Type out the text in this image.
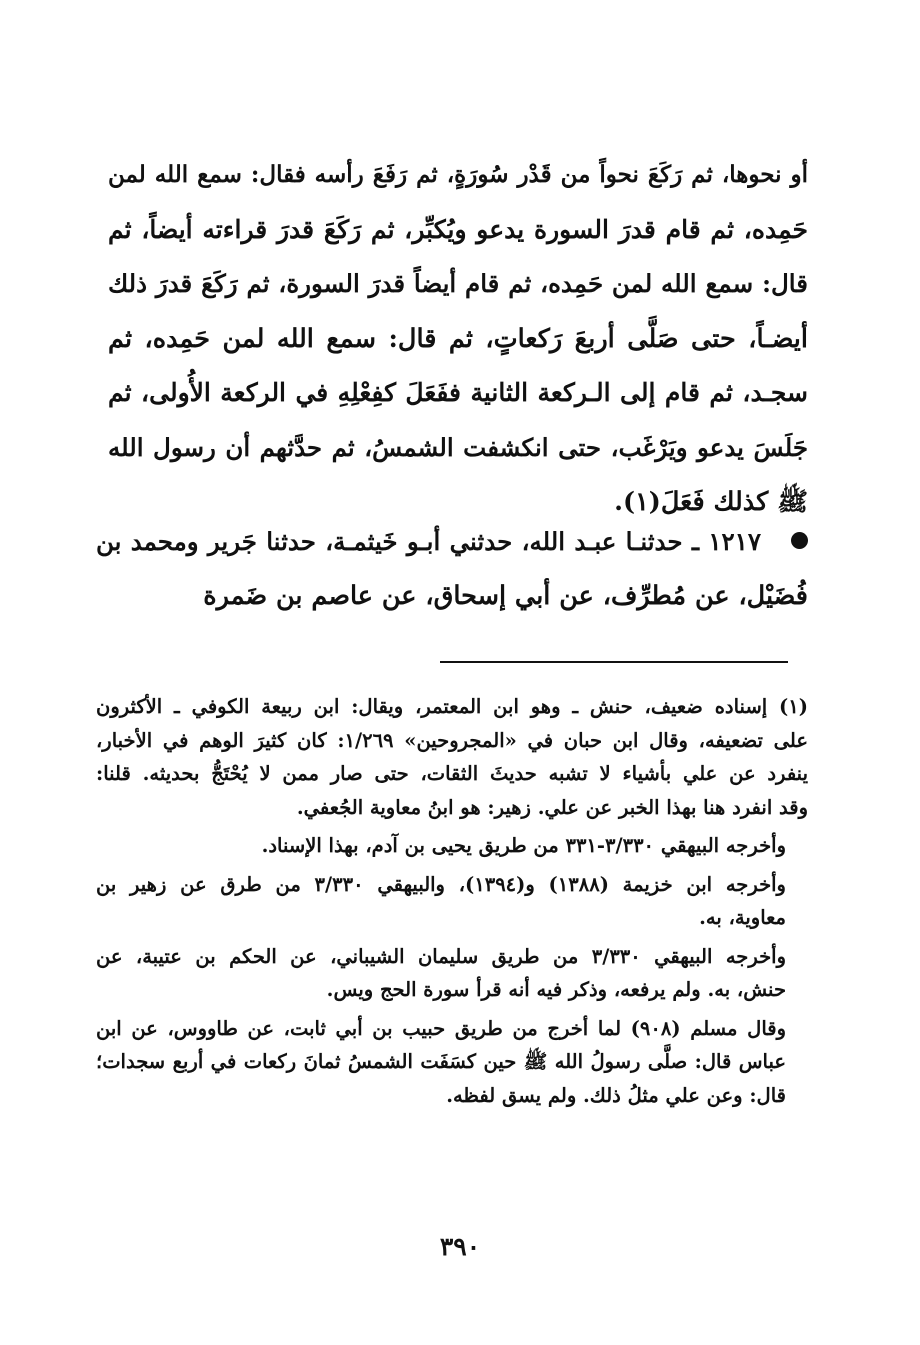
أو نحوها، ثم رَكَعَ نحواً من قَدْر سُورَةٍ، ثم رَفَعَ رأسه فقال: سمع الله لمن
حَمِده، ثم قام قدرَ السورة يدعو ويُكبِّر، ثم رَكَعَ قدرَ قراءته أيضاً، ثم
قال: سمع الله لمن حَمِده، ثم قام أيضاً قدرَ السورة، ثم رَكَعَ قدرَ ذلك
أيضـاً، حتى صَلَّى أربعَ رَكعاتٍ، ثم قال: سمع الله لمن حَمِده، ثم
سجـد، ثم قام إلى الـركعة الثانية ففَعَلَ كفِعْلِهِ في الركعة الأُولى، ثم
جَلَسَ يدعو ويَرْغَب، حتى انكشفت الشمسُ، ثم حدَّثهم أن رسول الله
ﷺ كذلك فَعَلَ(١).
١٢١٧ ـ حدثنـا عبـد الله، حدثني أبـو خَيثمـة، حدثنا جَرير ومحمد بن
فُضَيْل، عن مُطرِّف، عن أبي إسحاق، عن عاصم بن ضَمرة
(١) إسناده ضعيف، حنش ـ وهو ابن المعتمر، ويقال: ابن ربيعة الكوفي ـ الأكثرون
على تضعيفه، وقال ابن حبان في «المجروحين» ١/٢٦٩: كان كثيرَ الوهم في الأخبار،
ينفرد عن علي بأشياء لا تشبه حديثَ الثقات، حتى صار ممن لا يُحْتَجُّ بحديثه. قلنا:
وقد انفرد هنا بهذا الخبر عن علي. زهير: هو ابنُ معاوية الجُعفي.
وأخرجه البيهقي ٣/٣٣٠-٣٣١ من طريق يحيى بن آدم، بهذا الإسناد.
وأخرجه ابن خزيمة (١٣٨٨) و(١٣٩٤)، والبيهقي ٣/٣٣٠ من طرق عن زهير بن
معاوية، به.
وأخرجه البيهقي ٣/٣٣٠ من طريق سليمان الشيباني، عن الحكم بن عتيبة، عن
حنش، به. ولم يرفعه، وذكر فيه أنه قرأ سورة الحج ويس.
وقال مسلم (٩٠٨) لما أخرج من طريق حبيب بن أبي ثابت، عن طاووس، عن ابن
عباس قال: صلَّى رسولُ الله ﷺ حين كسَفَت الشمسُ ثمانَ ركعات في أربع سجدات؛
قال: وعن علي مثلُ ذلك. ولم يسق لفظه.
٣٩٠
